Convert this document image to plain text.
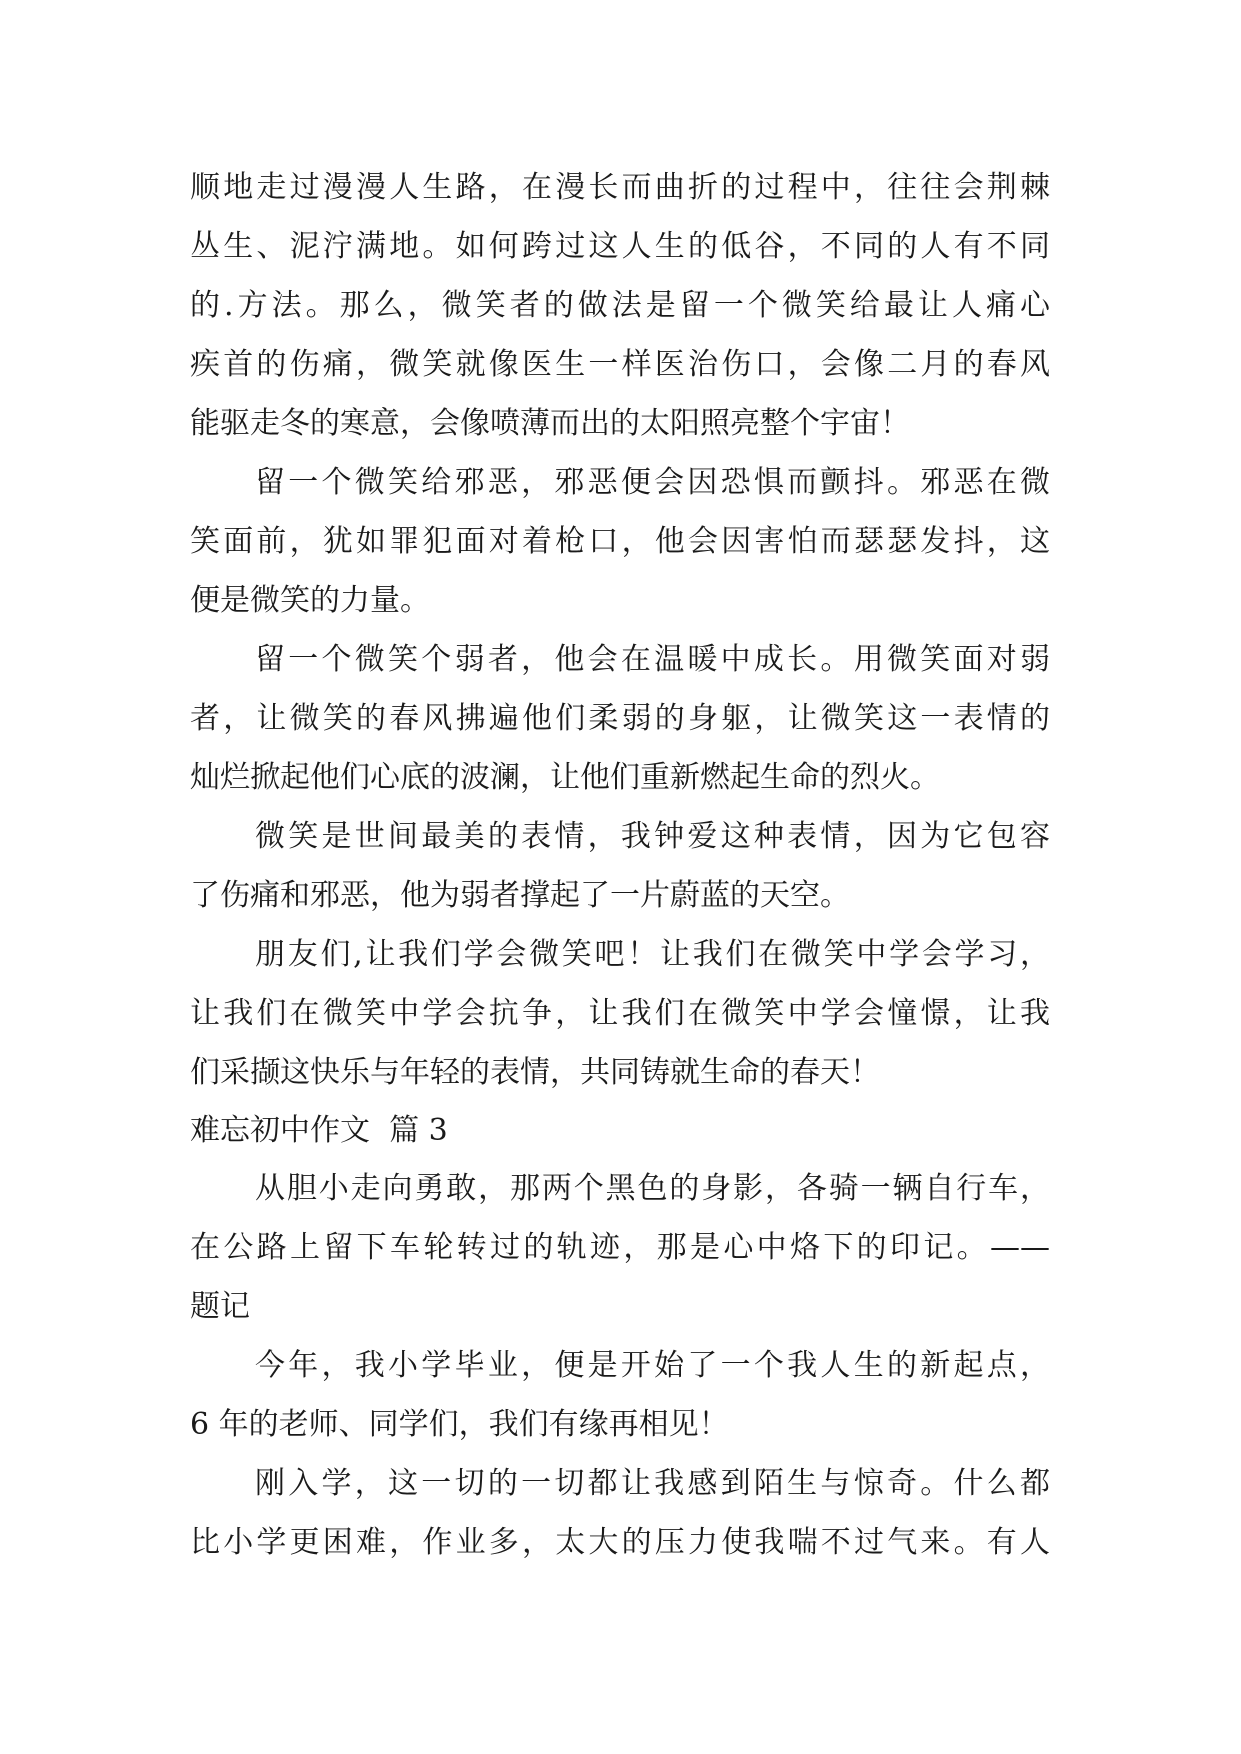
顺地走过漫漫人生路，在漫长而曲折的过程中，往往会荆棘
丛生、泥泞满地。如何跨过这人生的低谷，不同的人有不同
的.方法。那么，微笑者的做法是留一个微笑给最让人痛心
疾首的伤痛，微笑就像医生一样医治伤口，会像二月的春风
能驱走冬的寒意，会像喷薄而出的太阳照亮整个宇宙！
留一个微笑给邪恶，邪恶便会因恐惧而颤抖。邪恶在微
笑面前，犹如罪犯面对着枪口，他会因害怕而瑟瑟发抖，这
便是微笑的力量。
留一个微笑个弱者，他会在温暖中成长。用微笑面对弱
者，让微笑的春风拂遍他们柔弱的身躯，让微笑这一表情的
灿烂掀起他们心底的波澜，让他们重新燃起生命的烈火。
微笑是世间最美的表情，我钟爱这种表情，因为它包容
了伤痛和邪恶，他为弱者撑起了一片蔚蓝的天空。
朋友们,让我们学会微笑吧！让我们在微笑中学会学习，
让我们在微笑中学会抗争，让我们在微笑中学会憧憬，让我
们采撷这快乐与年轻的表情，共同铸就生命的春天！
难忘初中作文  篇 3
从胆小走向勇敢，那两个黑色的身影，各骑一辆自行车，
在公路上留下车轮转过的轨迹，那是心中烙下的印记。——
题记
今年，我小学毕业，便是开始了一个我人生的新起点，
6 年的老师、同学们，我们有缘再相见！
刚入学，这一切的一切都让我感到陌生与惊奇。什么都
比小学更困难，作业多，太大的压力使我喘不过气来。有人
